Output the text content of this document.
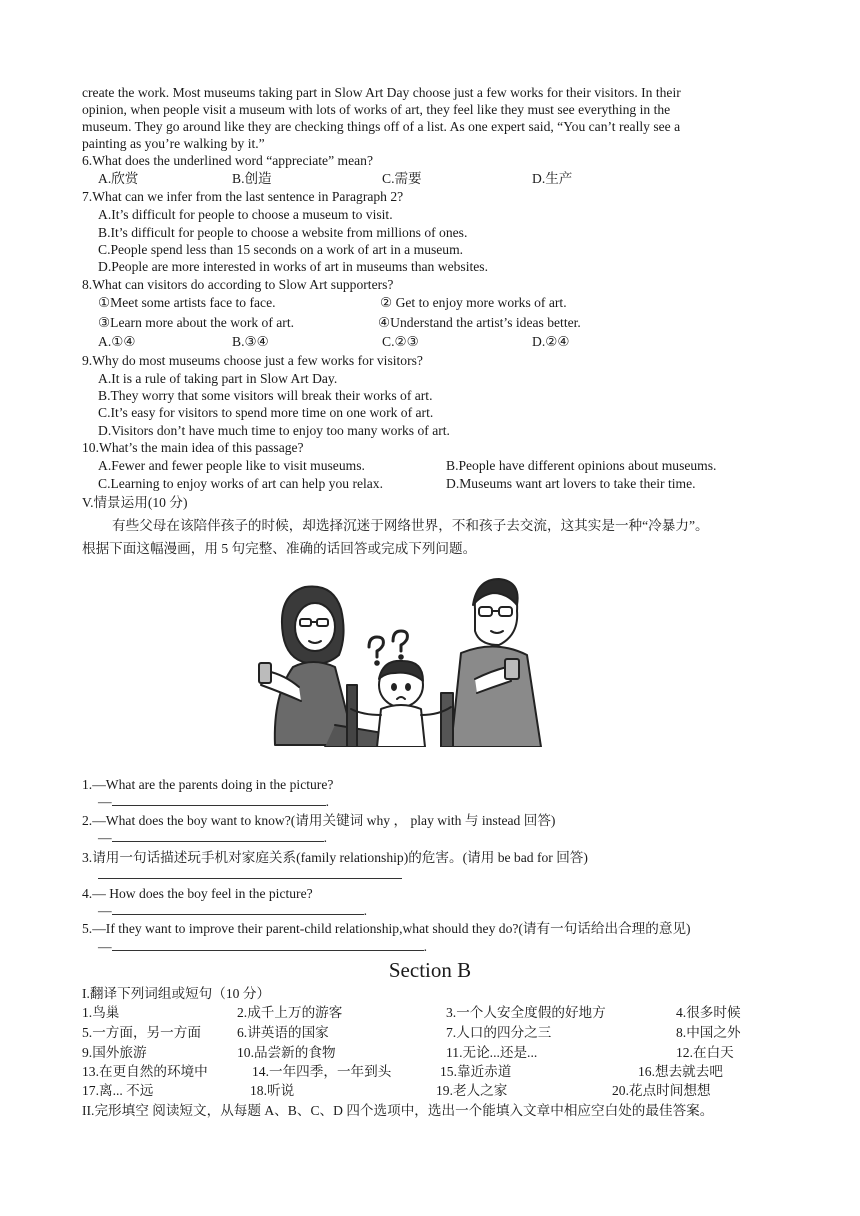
create the work. Most museums taking part in Slow Art Day choose just a few works for their visitors. In their
opinion, when people visit a museum with lots of works of art, they feel like they must see everything in the
museum. They go around like they are checking things off of a list. As one expert said, “You can’t really see a
painting as you’re walking by it.”
6.What does the underlined word “appreciate” mean?
A.欣赏	B.创造	C.需要	D.生产
7.What can we infer from the last sentence in Paragraph 2?
A.It’s difficult for people to choose a museum to visit.
B.It’s difficult for people to choose a website from millions of ones.
C.People spend less than 15 seconds on a work of art in a museum.
D.People are more interested in works of art in museums than websites.
8.What can visitors do according to Slow Art supporters?
①Meet some artists face to face.	② Get to enjoy more works of art.
③Learn more about the work of art.	④Understand the artist’s ideas better.
A.①④	B.③④	C.②③	D.②④
9.Why do most museums choose just a few works for visitors?
A.It is a rule of taking part in Slow Art Day.
B.They worry that some visitors will break their works of art.
C.It’s easy for visitors to spend more time on one work of art.
D.Visitors don’t have much time to enjoy too many works of art.
10.What’s the main idea of this passage?
A.Fewer and fewer people like to visit museums.	B.People have different opinions about museums.
C.Learning to enjoy works of art can help you relax.	D.Museums want art lovers to take their time.
V.情景运用(10 分)
有些父母在该陪伴孩子的时候，却选择沉迷于网络世界，不和孩子去交流，这其实是一种“冷暴力”。
根据下面这幅漫画，用 5 句完整、准确的话回答或完成下列问题。
1.—What are the parents doing in the picture?
—	.
2.—What does the boy want to know?(请用关键词 why ， play with 与 instead 回答)
—	.
3.请用一句话描述玩手机对家庭关系(family relationship)的危害。(请用 be bad for 回答)
4.— How does the boy feel in the picture?
—	.
5.—If they want to improve their parent-child relationship,what should they do?(请有一句话给出合理的意见)
—	.
Section B
I.翻译下列词组或短句（10 分）
1.鸟巢	2.成千上万的游客	3.一个人安全度假的好地方	4.很多时候
5.一方面，另一方面	6.讲英语的国家	7.人口的四分之三	8.中国之外
9.国外旅游	10.品尝新的食物	11.无论...还是...	12.在白天
13.在更自然的环境中	14.一年四季，一年到头	15.靠近赤道	16.想去就去吧
17.离... 不远	18.听说	19.老人之家	20.花点时间想想
II.完形填空 阅读短文，从每题 A、B、C、D 四个选项中，选出一个能填入文章中相应空白处的最佳答案。
